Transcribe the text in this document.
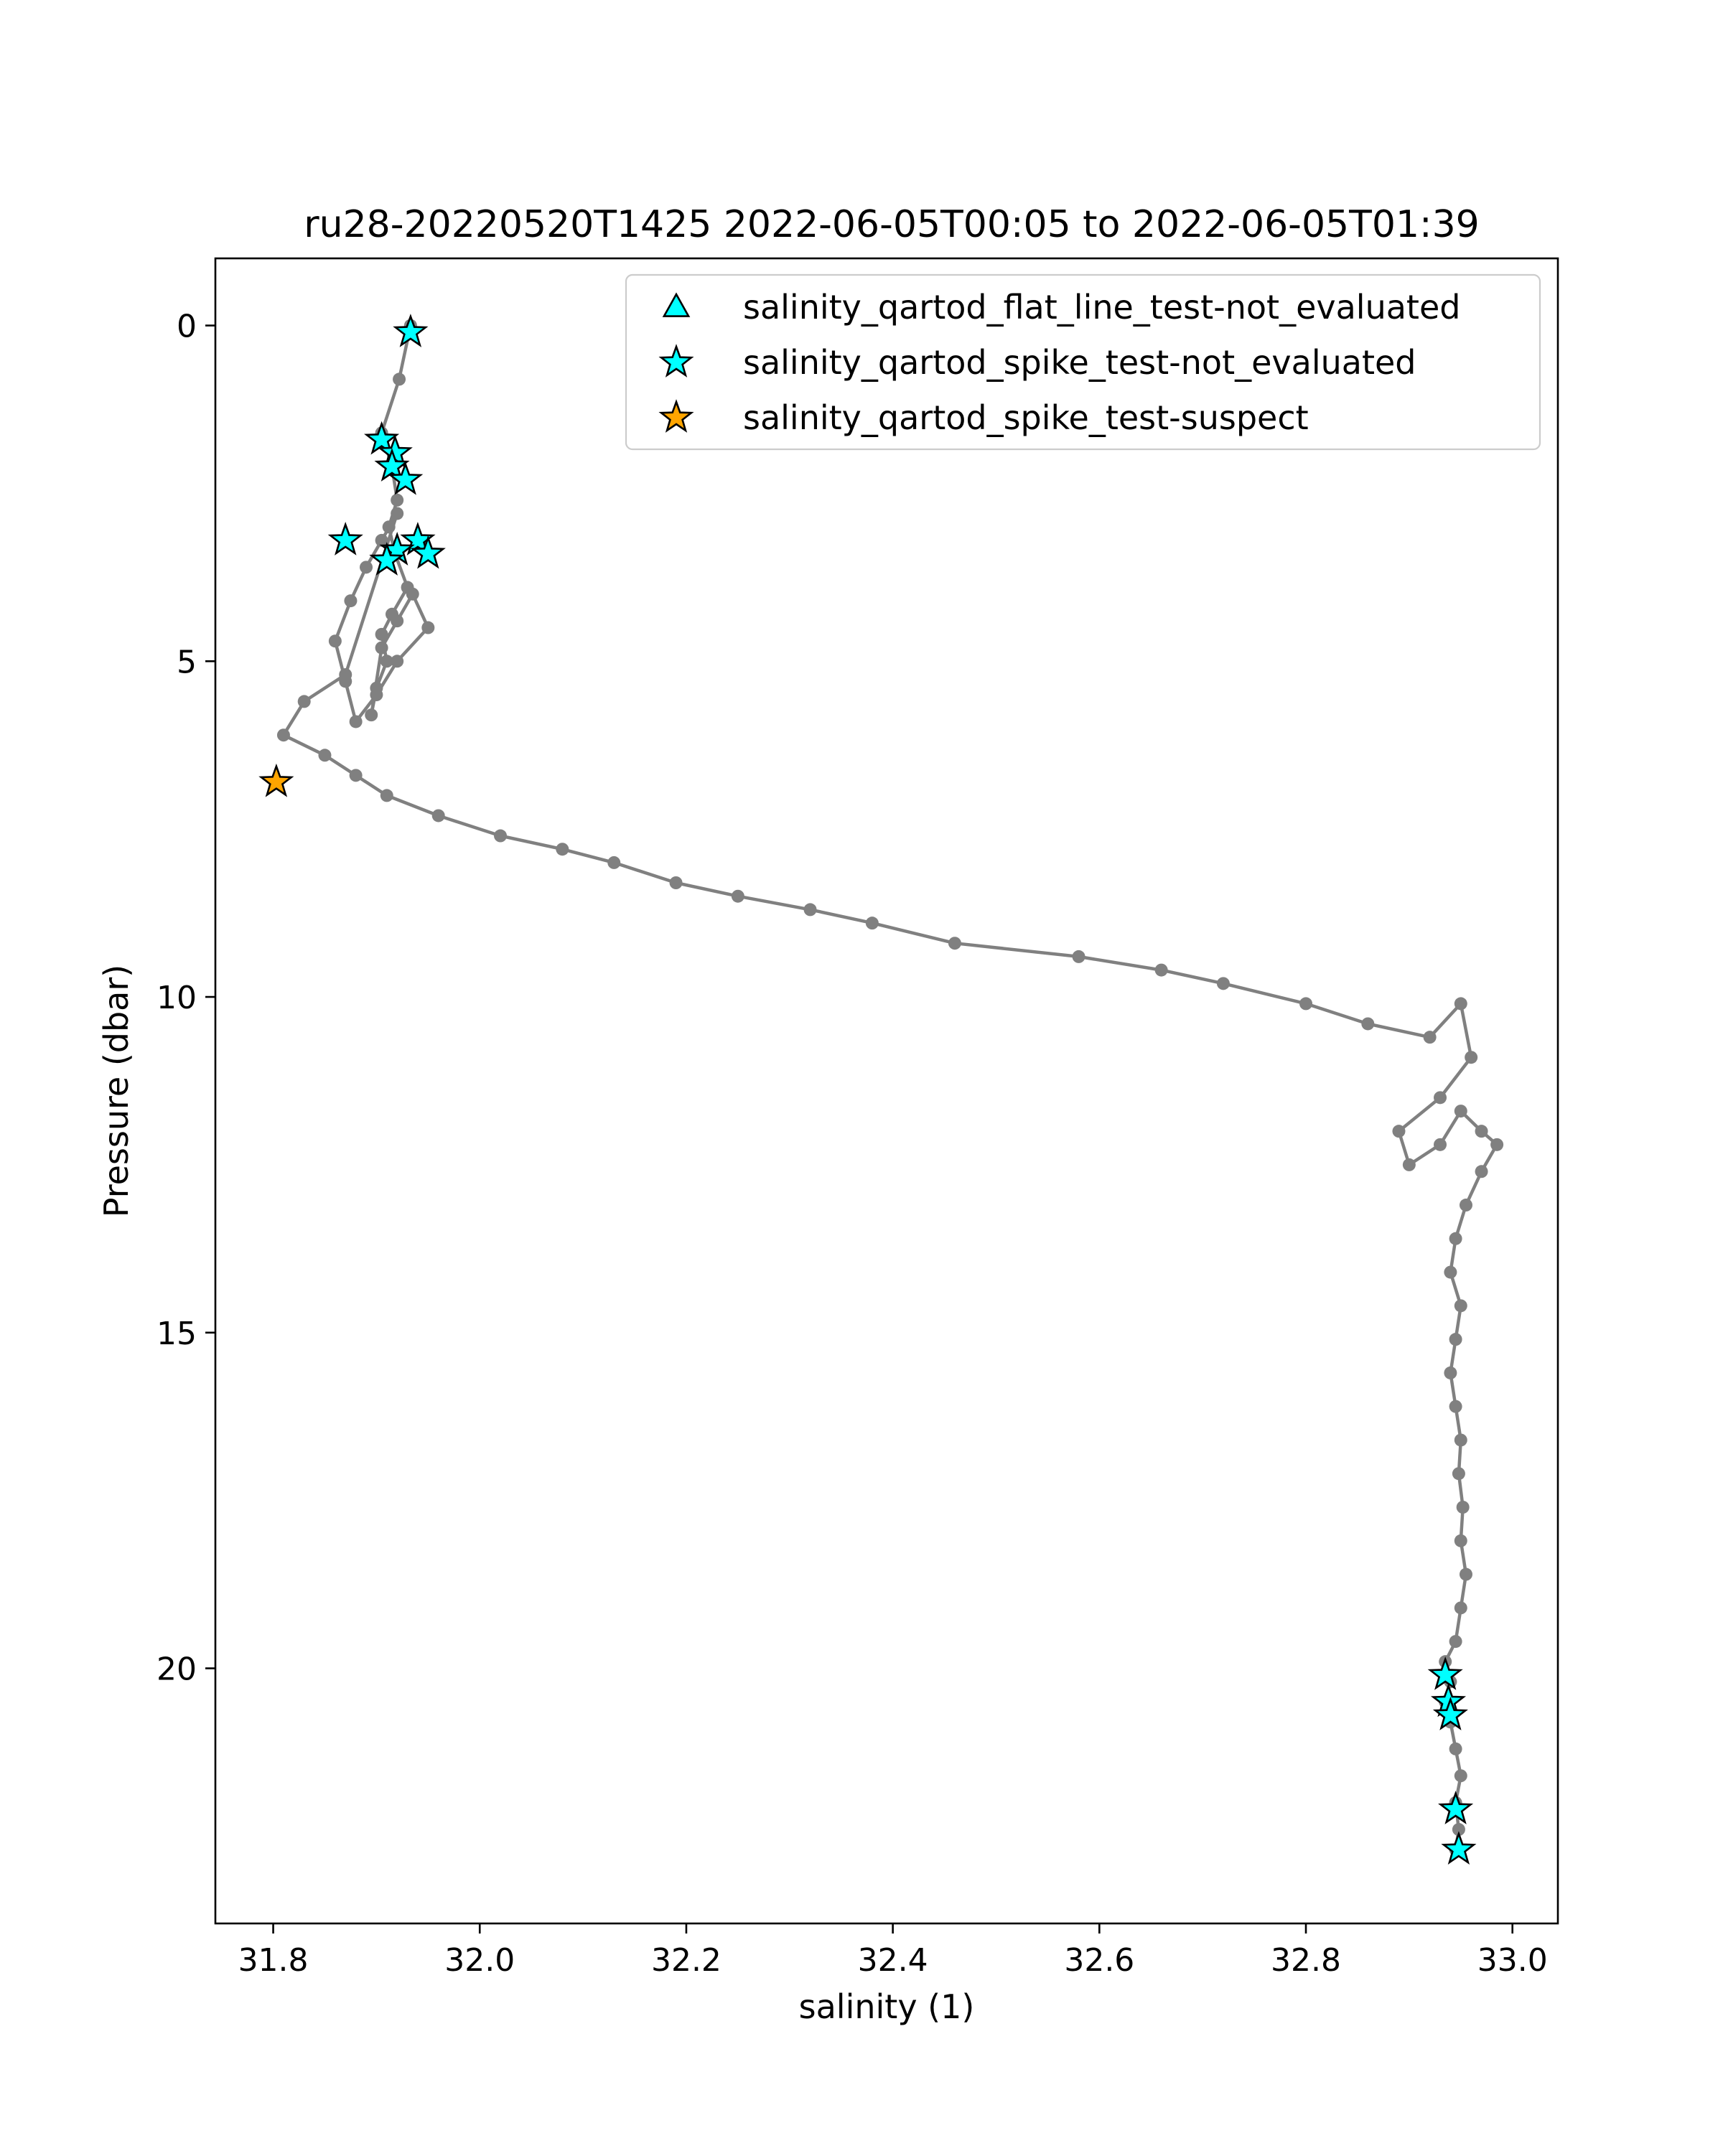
ru28-20220520T1425 2022-06-05T00:05 to 2022-06-05T01:39
31.8	32.0	32.2	32.4	32.6	32.8	33.0
0
5
10
15
20
salinity (1)
Pressure (dbar)
salinity_qartod_flat_line_test-not_evaluated
salinity_qartod_spike_test-not_evaluated
salinity_qartod_spike_test-suspect
